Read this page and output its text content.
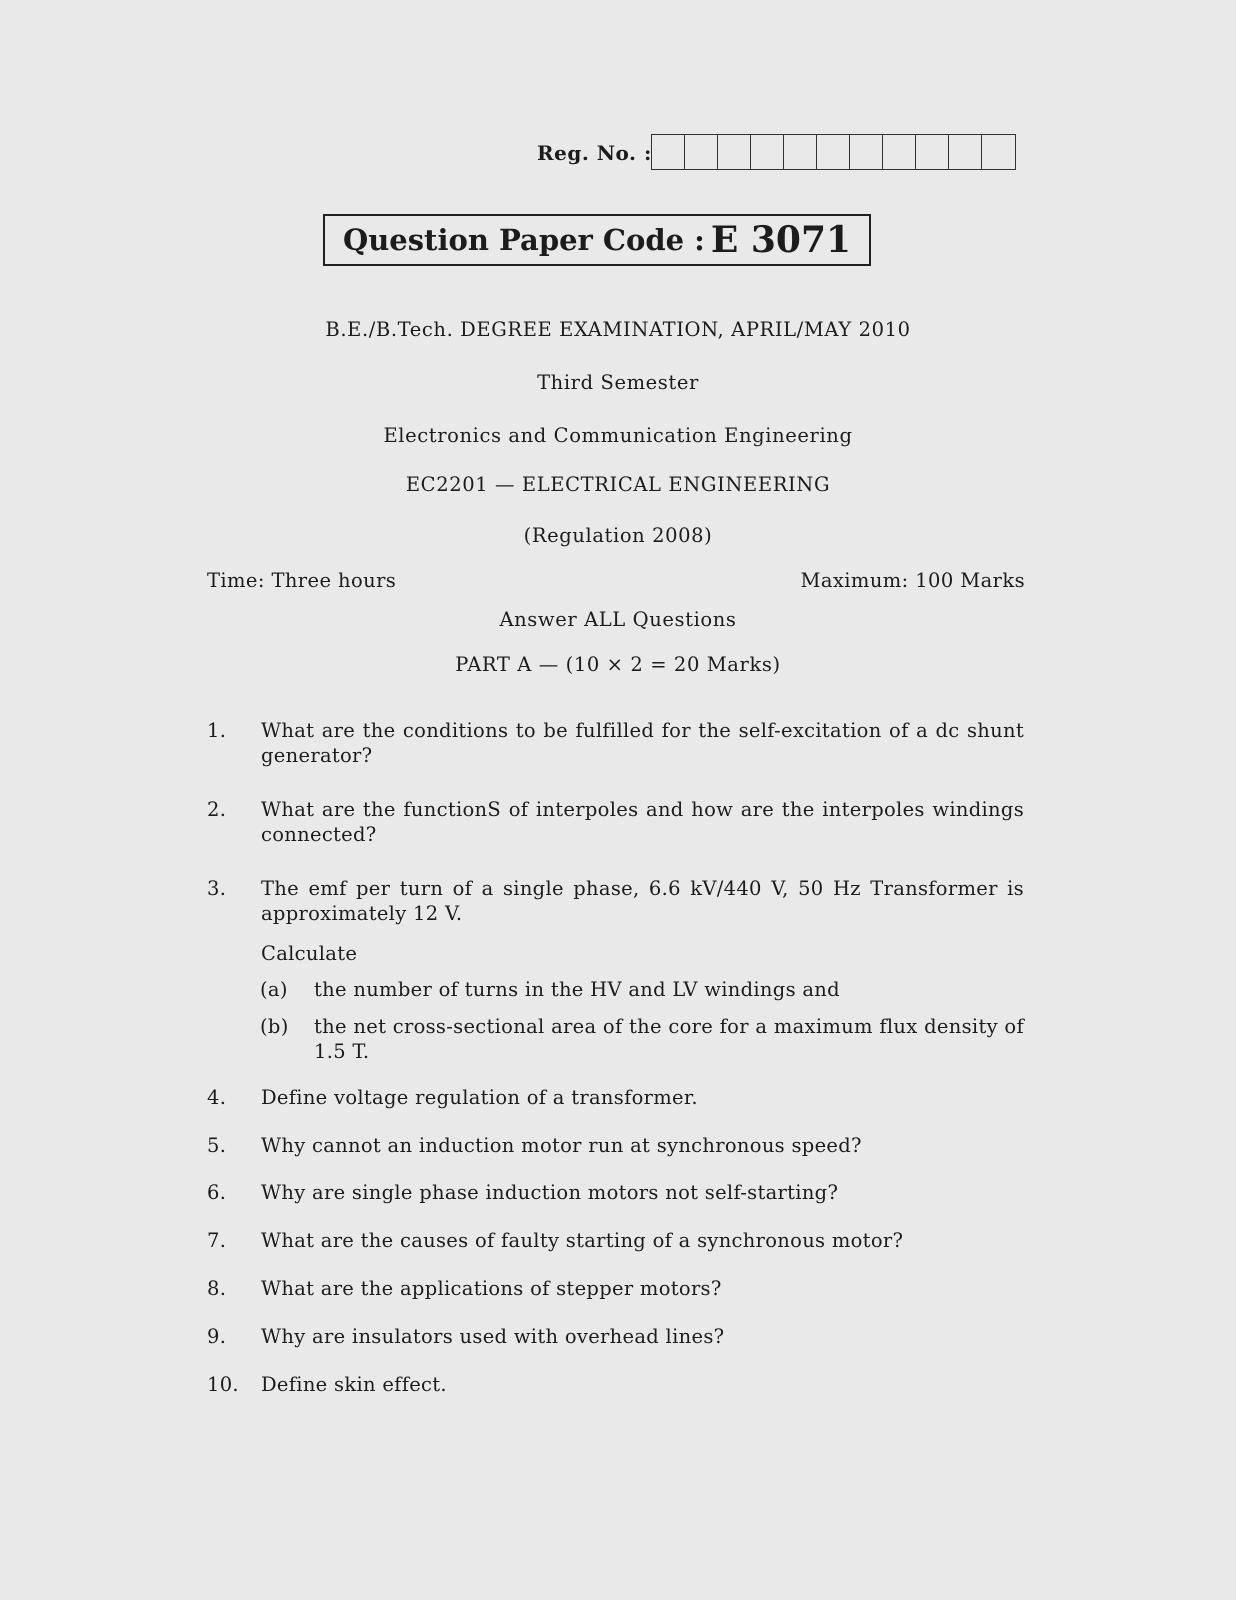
Reg. No. :
Question Paper Code : E 3071
B.E./B.Tech. DEGREE EXAMINATION, APRIL/MAY 2010
Third Semester
Electronics and Communication Engineering
EC2201 — ELECTRICAL ENGINEERING
(Regulation 2008)
Time: Three hours	Maximum: 100 Marks
Answer ALL Questions
PART A — (10 × 2 = 20 Marks)
1.	What are the conditions to be fulfilled for the self-excitation of a dc shunt generator?
2.	What are the functionS of interpoles and how are the interpoles windings connected?
3.	The emf per turn of a single phase, 6.6 kV/440 V, 50 Hz Transformer is approximately 12 V.
Calculate
(a) the number of turns in the HV and LV windings and
(b) the net cross-sectional area of the core for a maximum flux density of 1.5 T.
4.	Define voltage regulation of a transformer.
5.	Why cannot an induction motor run at synchronous speed?
6.	Why are single phase induction motors not self-starting?
7.	What are the causes of faulty starting of a synchronous motor?
8.	What are the applications of stepper motors?
9.	Why are insulators used with overhead lines?
10.	Define skin effect.
